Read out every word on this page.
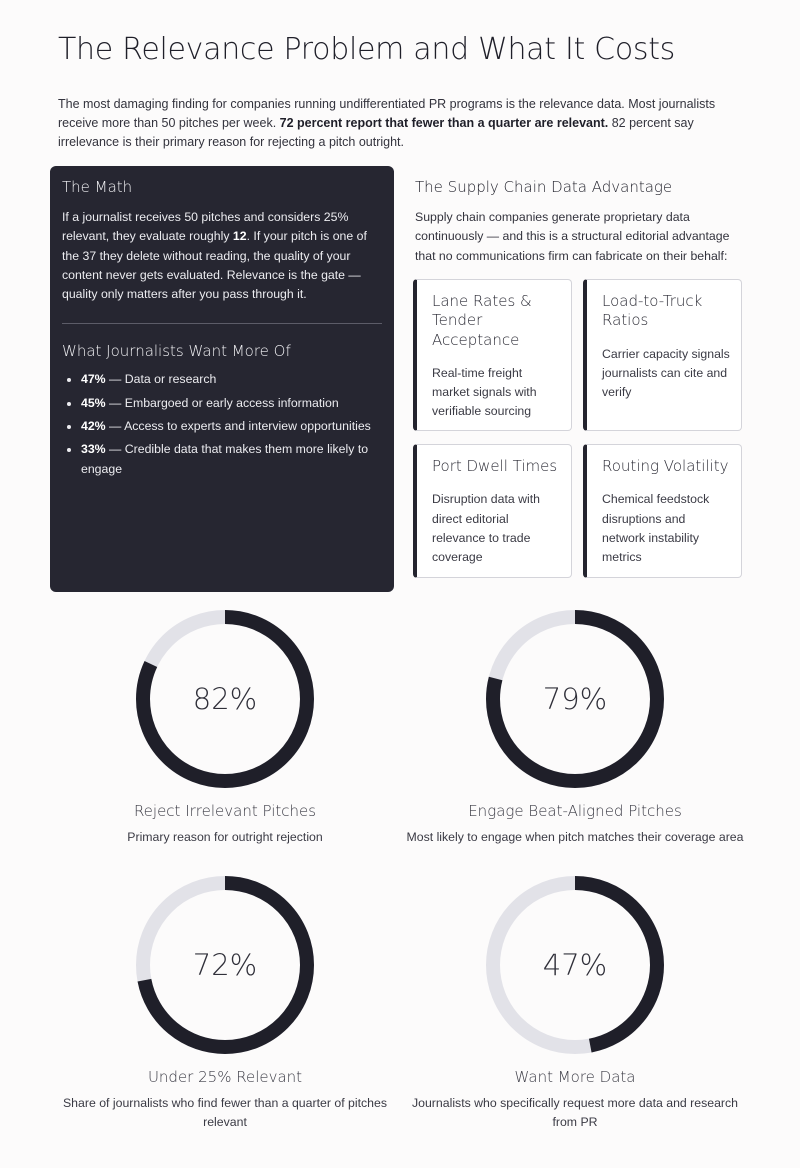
The Relevance Problem and What It Costs

The most damaging finding for companies running undifferentiated PR programs is the relevance data. Most journalists receive more than 50 pitches per week. 72 percent report that fewer than a quarter are relevant. 82 percent say irrelevance is their primary reason for rejecting a pitch outright.

The Math

If a journalist receives 50 pitches and considers 25% relevant, they evaluate roughly 12. If your pitch is one of the 37 they delete without reading, the quality of your content never gets evaluated. Relevance is the gate — quality only matters after you pass through it.

What Journalists Want More Of
• 47% — Data or research
• 45% — Embargoed or early access information
• 42% — Access to experts and interview opportunities
• 33% — Credible data that makes them more likely to engage
The Supply Chain Data Advantage

Supply chain companies generate proprietary data continuously — and this is a structural editorial advantage that no communications firm can fabricate on their behalf:

Lane Rates & Tender Acceptance

Real-time freight market signals with verifiable sourcing

Load-to-Truck Ratios

Carrier capacity signals journalists can cite and verify

Port Dwell Times

Disruption data with direct editorial relevance to trade coverage

Routing Volatility

Chemical feedstock disruptions and network instability metrics

82%
Reject Irrelevant Pitches
Primary reason for outright rejection
79%
Engage Beat-Aligned Pitches
Most likely to engage when pitch matches their coverage area
72%
Under 25% Relevant
Share of journalists who find fewer than a quarter of pitches relevant
47%
Want More Data
Journalists who specifically request more data and research from PR
